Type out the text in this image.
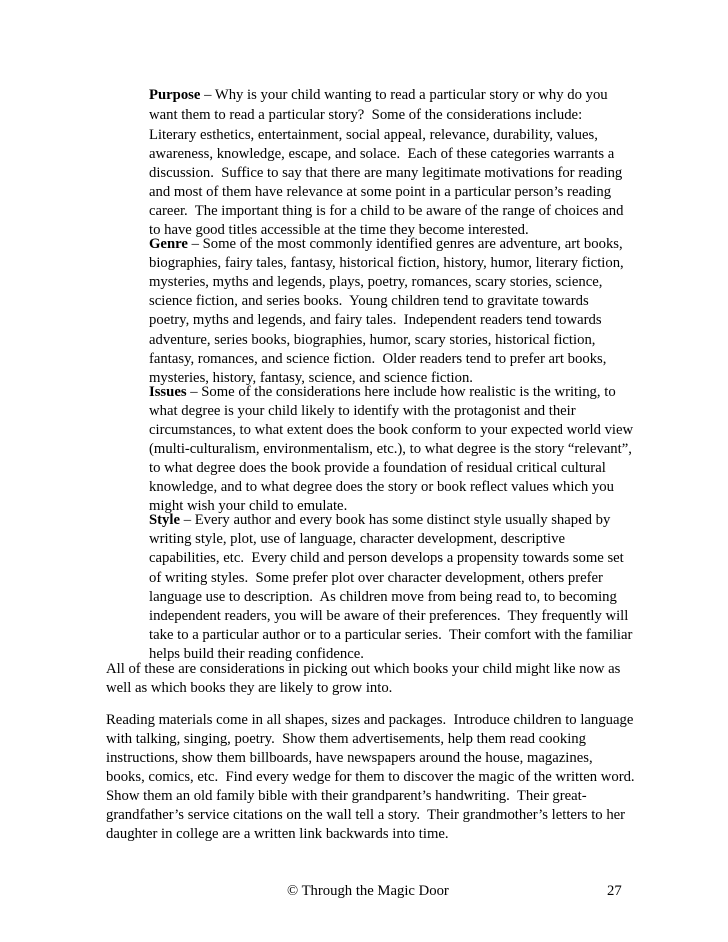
Purpose – Why is your child wanting to read a particular story or why do you
want them to read a particular story?  Some of the considerations include:
Literary esthetics, entertainment, social appeal, relevance, durability, values,
awareness, knowledge, escape, and solace.  Each of these categories warrants a
discussion.  Suffice to say that there are many legitimate motivations for reading
and most of them have relevance at some point in a particular person’s reading
career.  The important thing is for a child to be aware of the range of choices and
to have good titles accessible at the time they become interested.
Genre – Some of the most commonly identified genres are adventure, art books,
biographies, fairy tales, fantasy, historical fiction, history, humor, literary fiction,
mysteries, myths and legends, plays, poetry, romances, scary stories, science,
science fiction, and series books.  Young children tend to gravitate towards
poetry, myths and legends, and fairy tales.  Independent readers tend towards
adventure, series books, biographies, humor, scary stories, historical fiction,
fantasy, romances, and science fiction.  Older readers tend to prefer art books,
mysteries, history, fantasy, science, and science fiction.
Issues – Some of the considerations here include how realistic is the writing, to
what degree is your child likely to identify with the protagonist and their
circumstances, to what extent does the book conform to your expected world view
(multi-culturalism, environmentalism, etc.), to what degree is the story “relevant”,
to what degree does the book provide a foundation of residual critical cultural
knowledge, and to what degree does the story or book reflect values which you
might wish your child to emulate.
Style – Every author and every book has some distinct style usually shaped by
writing style, plot, use of language, character development, descriptive
capabilities, etc.  Every child and person develops a propensity towards some set
of writing styles.  Some prefer plot over character development, others prefer
language use to description.  As children move from being read to, to becoming
independent readers, you will be aware of their preferences.  They frequently will
take to a particular author or to a particular series.  Their comfort with the familiar
helps build their reading confidence.
All of these are considerations in picking out which books your child might like now as
well as which books they are likely to grow into.
Reading materials come in all shapes, sizes and packages.  Introduce children to language
with talking, singing, poetry.  Show them advertisements, help them read cooking
instructions, show them billboards, have newspapers around the house, magazines,
books, comics, etc.  Find every wedge for them to discover the magic of the written word.
Show them an old family bible with their grandparent’s handwriting.  Their great-
grandfather’s service citations on the wall tell a story.  Their grandmother’s letters to her
daughter in college are a written link backwards into time.
© Through the Magic Door	27
